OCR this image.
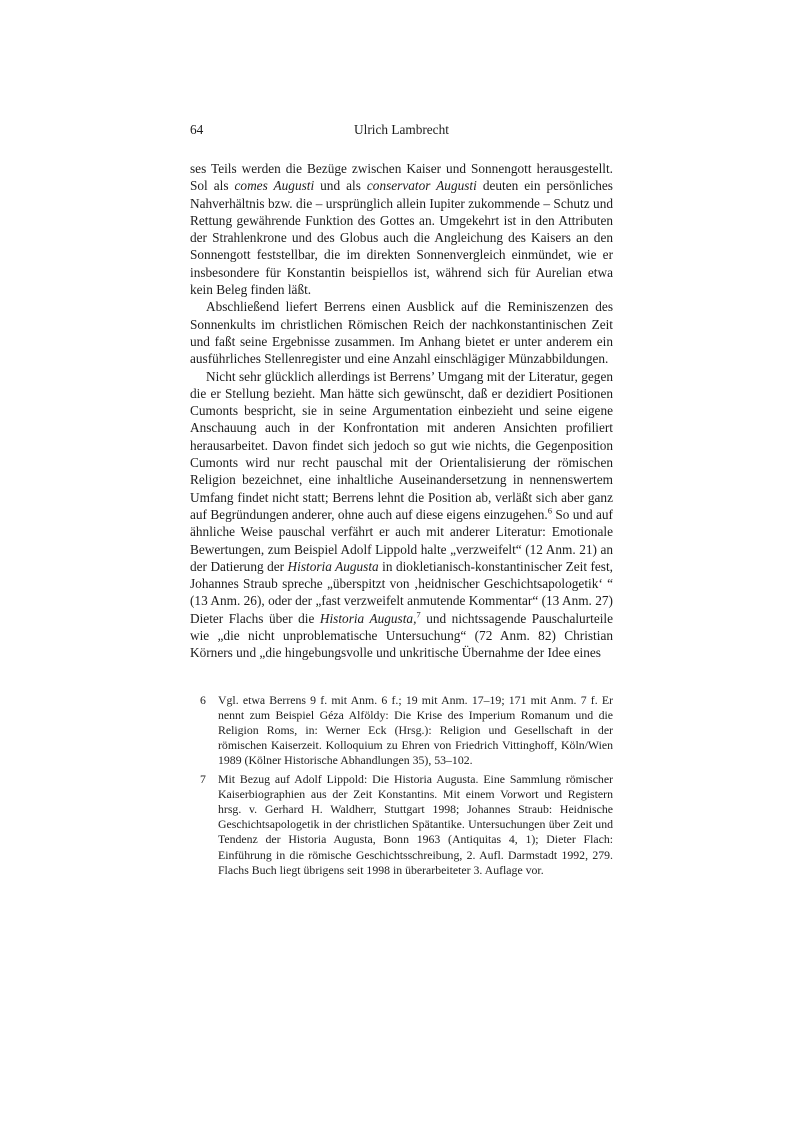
64	Ulrich Lambrecht

ses Teils werden die Bezüge zwischen Kaiser und Sonnengott herausgestellt. Sol als comes Augusti und als conservator Augusti deuten ein persönliches Nahverhältnis bzw. die – ursprünglich allein Iupiter zukommende – Schutz und Rettung gewährende Funktion des Gottes an. Umgekehrt ist in den Attributen der Strahlenkrone und des Globus auch die Angleichung des Kaisers an den Sonnengott feststellbar, die im direkten Sonnenvergleich einmündet, wie er insbesondere für Konstantin beispiellos ist, während sich für Aurelian etwa kein Beleg finden läßt.

Abschließend liefert Berrens einen Ausblick auf die Reminiszenzen des Sonnenkults im christlichen Römischen Reich der nachkonstantinischen Zeit und faßt seine Ergebnisse zusammen. Im Anhang bietet er unter anderem ein ausführliches Stellenregister und eine Anzahl einschlägiger Münzabbildungen.

Nicht sehr glücklich allerdings ist Berrens’ Umgang mit der Literatur, gegen die er Stellung bezieht. Man hätte sich gewünscht, daß er dezidiert Positionen Cumonts bespricht, sie in seine Argumentation einbezieht und seine eigene Anschauung auch in der Konfrontation mit anderen Ansichten profiliert herausarbeitet. Davon findet sich jedoch so gut wie nichts, die Gegenposition Cumonts wird nur recht pauschal mit der Orientalisierung der römischen Religion bezeichnet, eine inhaltliche Auseinandersetzung in nennenswertem Umfang findet nicht statt; Berrens lehnt die Position ab, verläßt sich aber ganz auf Begründungen anderer, ohne auch auf diese eigens einzugehen.$^6$ So und auf ähnliche Weise pauschal verfährt er auch mit anderer Literatur: Emotionale Bewertungen, zum Beispiel Adolf Lippold halte „verzweifelt“ (12 Anm. 21) an der Datierung der Historia Augusta in diokletianisch-konstantinischer Zeit fest, Johannes Straub spreche „überspitzt von ‚heidnischer Geschichtsapologetik‘ “ (13 Anm. 26), oder der „fast verzweifelt anmutende Kommentar“ (13 Anm. 27) Dieter Flachs über die Historia Augusta,$^7$ und nichtssagende Pauschalurteile wie „die nicht unproblematische Untersuchung“ (72 Anm. 82) Christian Körners und „die hingebungsvolle und unkritische Übernahme der Idee eines

6 Vgl. etwa Berrens 9 f. mit Anm. 6 f.; 19 mit Anm. 17–19; 171 mit Anm. 7 f. Er nennt zum Beispiel Géza Alföldy: Die Krise des Imperium Romanum und die Religion Roms, in: Werner Eck (Hrsg.): Religion und Gesellschaft in der römischen Kaiserzeit. Kolloquium zu Ehren von Friedrich Vittinghoff, Köln/Wien 1989 (Kölner Historische Abhandlungen 35), 53–102.
7 Mit Bezug auf Adolf Lippold: Die Historia Augusta. Eine Sammlung römischer Kaiserbiographien aus der Zeit Konstantins. Mit einem Vorwort und Registern hrsg. v. Gerhard H. Waldherr, Stuttgart 1998; Johannes Straub: Heidnische Geschichtsapologetik in der christlichen Spätantike. Untersuchungen über Zeit und Tendenz der Historia Augusta, Bonn 1963 (Antiquitas 4, 1); Dieter Flach: Einführung in die römische Geschichtsschreibung, 2. Aufl. Darmstadt 1992, 279. Flachs Buch liegt übrigens seit 1998 in überarbeiteter 3. Auflage vor.
